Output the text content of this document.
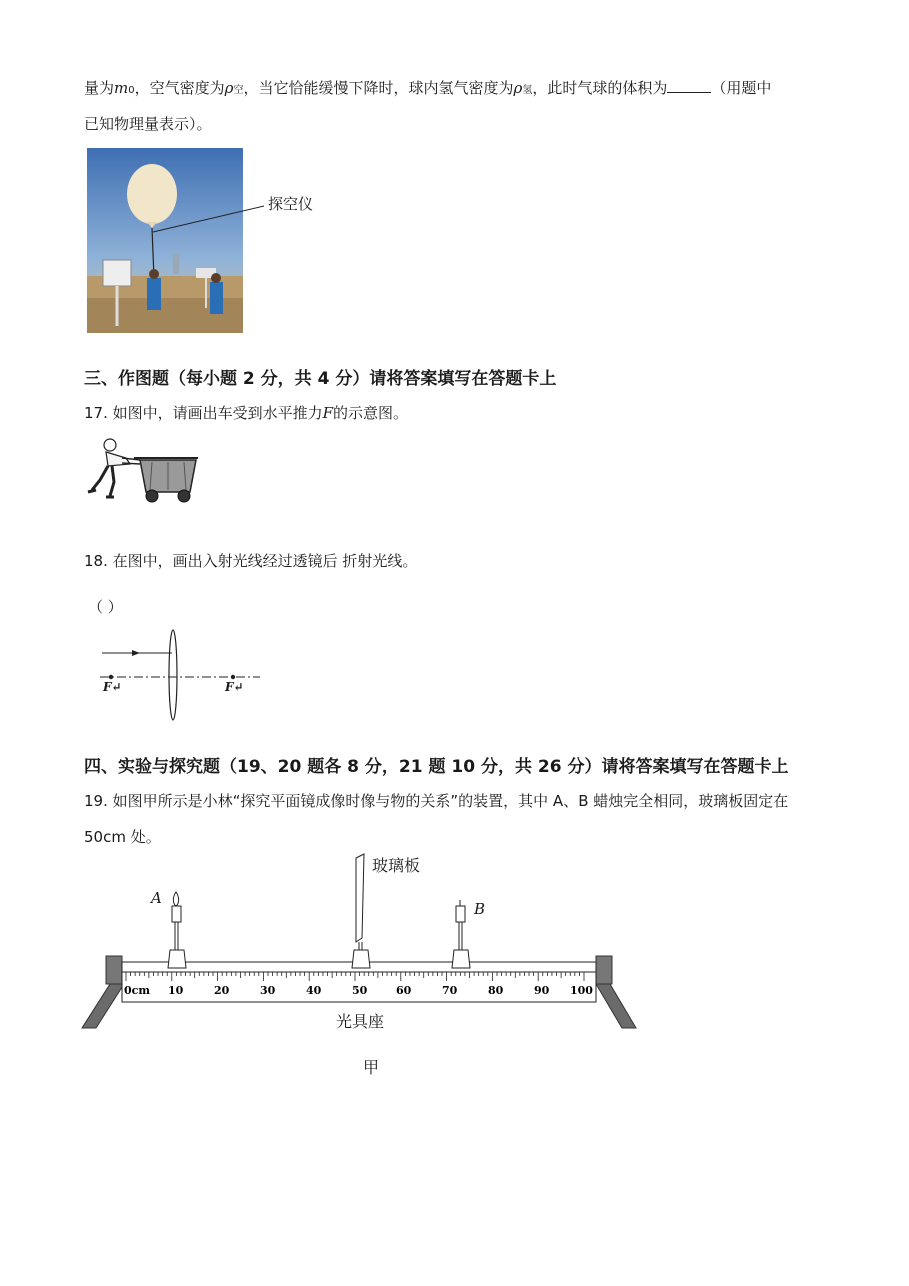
量为m0，空气密度为ρ空，当它恰能缓慢下降时，球内氢气密度为ρ氢，此时气球的体积为	（用题中
已知物理量表示）。
探空仪
三、作图题（每小题 2 分，共 4 分）请将答案填写在答题卡上
17. 如图中，请画出车受到水平推力F的示意图。
18. 在图中，画出入射光线经过透镜后 折射光线。
（ ）
F↵	F↵
四、实验与探究题（19、20 题各 8 分，21 题 10 分，共 26 分）请将答案填写在答题卡上
19. 如图甲所示是小林“探究平面镜成像时像与物的关系”的装置，其中 A、B 蜡烛完全相同，玻璃板固定在
50cm 处。
0cm 10	20	30	40	50	60	70	80	90 100
A
B
玻璃板
光具座
甲
